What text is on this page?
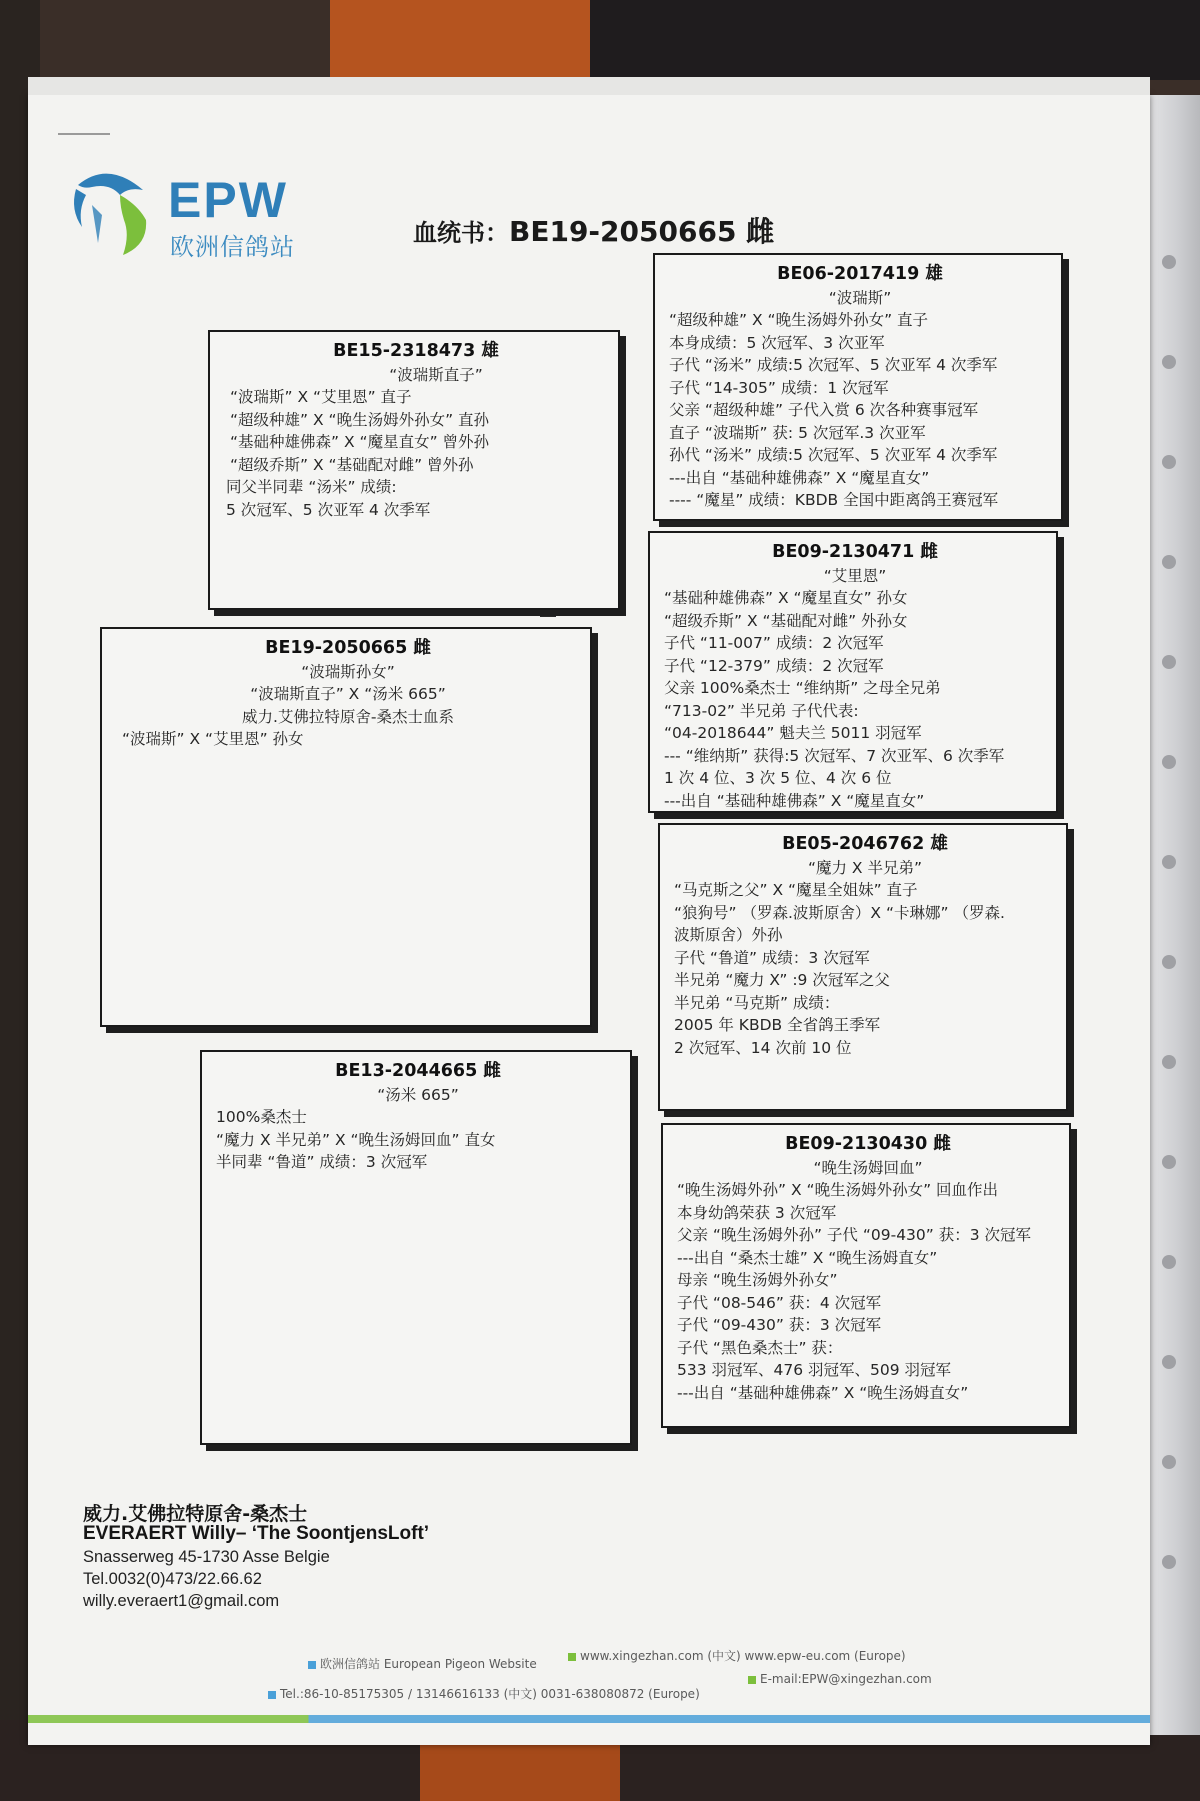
EPW
欧洲信鸽站	血统书：BE19-2050665 雌
BE15-2318473 雄
“波瑞斯直子”
“波瑞斯” X “艾里恩” 直子
“超级种雄” X “晚生汤姆外孙女” 直孙
“基础种雄佛森” X “魔星直女” 曾外孙
“超级乔斯” X “基础配对雌” 曾外孙
同父半同辈 “汤米” 成绩:
5 次冠军、5 次亚军 4 次季军
BE19-2050665 雌
“波瑞斯孙女”
“波瑞斯直子” X “汤米 665”
威力.艾佛拉特原舍-桑杰士血系
“波瑞斯” X “艾里恩” 孙女
BE13-2044665 雌
“汤米 665”
100%桑杰士
“魔力 X 半兄弟” X “晚生汤姆回血” 直女
半同辈 “鲁道” 成绩：3 次冠军
BE06-2017419 雄
“波瑞斯”
“超级种雄” X “晚生汤姆外孙女” 直子
本身成绩：5 次冠军、3 次亚军
子代 “汤米” 成绩:5 次冠军、5 次亚军 4 次季军
子代 “14-305” 成绩：1 次冠军
父亲 “超级种雄” 子代入赏 6 次各种赛事冠军
直子 “波瑞斯” 获: 5 次冠军.3 次亚军
孙代 “汤米” 成绩:5 次冠军、5 次亚军 4 次季军
---出自 “基础种雄佛森” X “魔星直女”
---- “魔星” 成绩：KBDB 全国中距离鸽王赛冠军
BE09-2130471 雌
“艾里恩”
“基础种雄佛森” X “魔星直女” 孙女
“超级乔斯” X “基础配对雌” 外孙女
子代 “11-007” 成绩：2 次冠军
子代 “12-379” 成绩：2 次冠军
父亲 100%桑杰士 “维纳斯” 之母全兄弟
“713-02” 半兄弟 子代代表:
“04-2018644” 魁夫兰 5011 羽冠军
--- “维纳斯” 获得:5 次冠军、7 次亚军、6 次季军
1 次 4 位、3 次 5 位、4 次 6 位
---出自 “基础种雄佛森” X “魔星直女”
BE05-2046762 雄
“魔力 X 半兄弟”
“马克斯之父” X “魔星全姐妹” 直子
“狼狗号” （罗森.波斯原舍）X “卡琳娜” （罗森.
波斯原舍）外孙
子代 “鲁道” 成绩：3 次冠军
半兄弟 “魔力 X” :9 次冠军之父
半兄弟 “马克斯” 成绩：
2005 年 KBDB 全省鸽王季军
2 次冠军、14 次前 10 位
BE09-2130430 雌
“晚生汤姆回血”
“晚生汤姆外孙” X “晚生汤姆外孙女” 回血作出
本身幼鸽荣获 3 次冠军
父亲 “晚生汤姆外孙” 子代 “09-430” 获：3 次冠军
---出自 “桑杰士雄” X “晚生汤姆直女”
母亲 “晚生汤姆外孙女”
子代 “08-546” 获：4 次冠军
子代 “09-430” 获：3 次冠军
子代 “黑色桑杰士” 获：
533 羽冠军、476 羽冠军、509 羽冠军
---出自 “基础种雄佛森” X “晚生汤姆直女”
威力.艾佛拉特原舍-桑杰士
EVERAERT Willy– ‘The SoontjensLoft’
Snasserweg 45-1730 Asse Belgie
Tel.0032(0)473/22.66.62
willy.everaert1@gmail.com
欧洲信鸽站 European Pigeon Website
www.xingezhan.com (中文) www.epw-eu.com (Europe)
Tel.:86-10-85175305 / 13146616133 (中文) 0031-638080872 (Europe)
E-mail:EPW@xingezhan.com
